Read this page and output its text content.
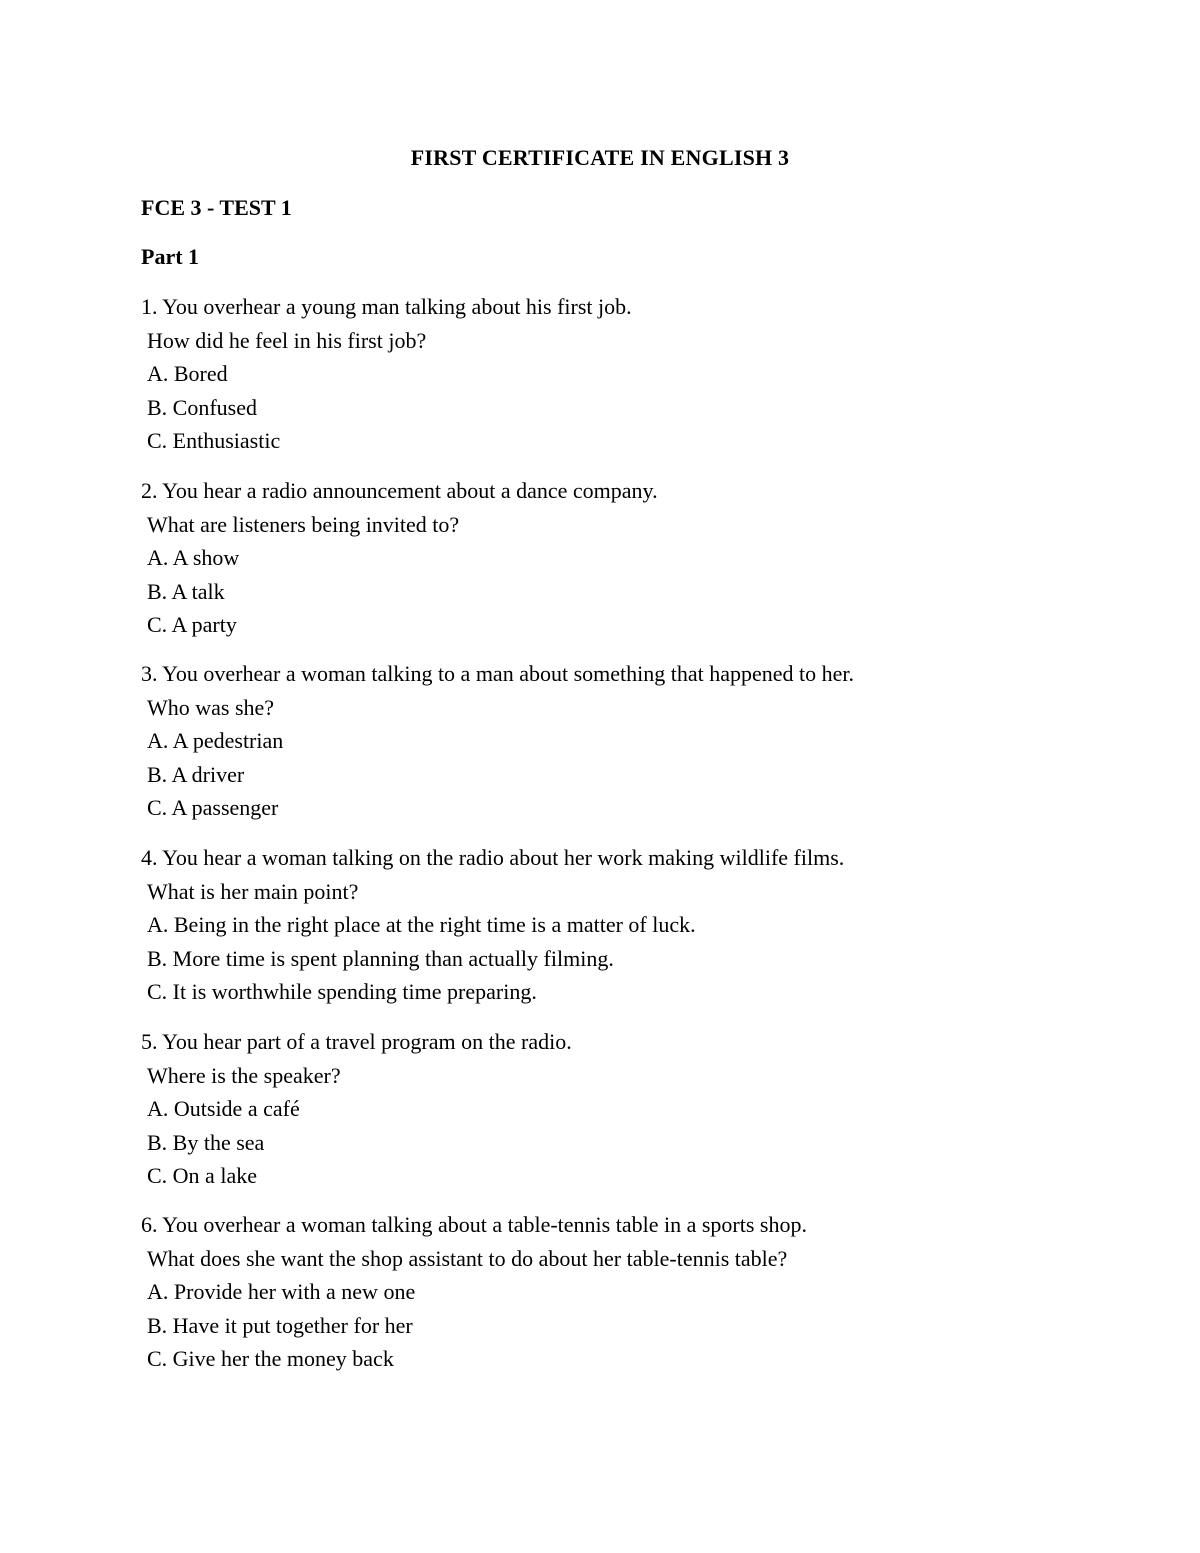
FIRST CERTIFICATE IN ENGLISH 3
FCE 3 - TEST 1
Part 1
1. You overhear a young man talking about his first job.
How did he feel in his first job?
A. Bored
B. Confused
C. Enthusiastic
2. You hear a radio announcement about a dance company.
What are listeners being invited to?
A. A show
B. A talk
C. A party
3. You overhear a woman talking to a man about something that happened to her.
Who was she?
A. A pedestrian
B. A driver
C. A passenger
4. You hear a woman talking on the radio about her work making wildlife films.
What is her main point?
A. Being in the right place at the right time is a matter of luck.
B. More time is spent planning than actually filming.
C. It is worthwhile spending time preparing.
5. You hear part of a travel program on the radio.
Where is the speaker?
A. Outside a café
B. By the sea
C. On a lake
6. You overhear a woman talking about a table-tennis table in a sports shop.
What does she want the shop assistant to do about her table-tennis table?
A. Provide her with a new one
B. Have it put together for her
C. Give her the money back
